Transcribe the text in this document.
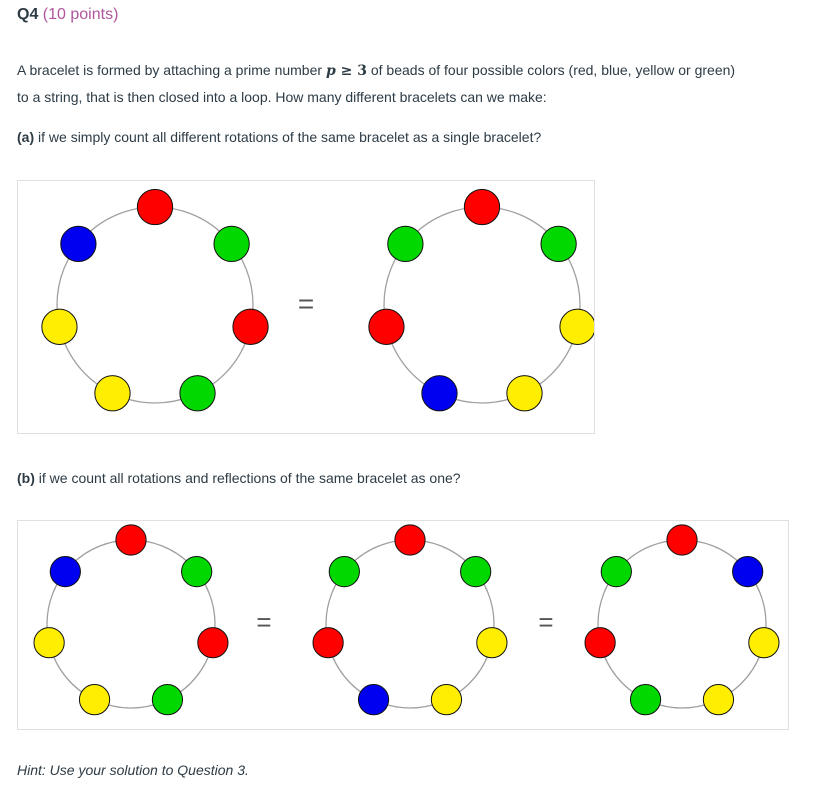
Q4 (10 points)
A bracelet is formed by attaching a prime number p ≥ 3 of beads of four possible colors (red, blue, yellow or green)
to a string, that is then closed into a loop. How many different bracelets can we make:
(a) if we simply count all different rotations of the same bracelet as a single bracelet?
=
(b) if we count all rotations and reflections of the same bracelet as one?
=	=
Hint: Use your solution to Question 3.
